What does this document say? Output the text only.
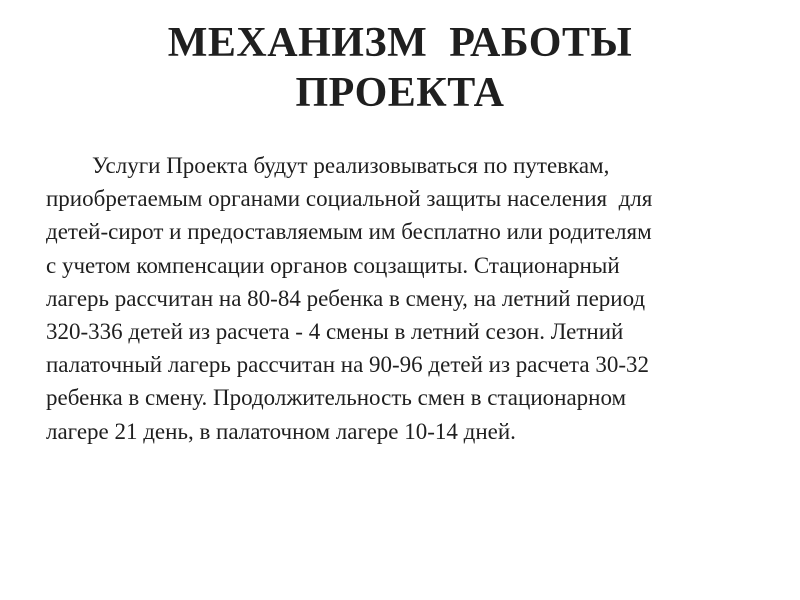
МЕХАНИЗМ  РАБОТЫ
ПРОЕКТА

Услуги Проекта будут реализовываться по путевкам,
приобретаемым органами социальной защиты населения  для
детей-сирот и предоставляемым им бесплатно или родителям
с учетом компенсации органов соцзащиты. Стационарный
лагерь рассчитан на 80-84 ребенка в смену, на летний период
320-336 детей из расчета - 4 смены в летний сезон. Летний
палаточный лагерь рассчитан на 90-96 детей из расчета 30-32
ребенка в смену. Продолжительность смен в стационарном
лагере 21 день, в палаточном лагере 10-14 дней.
